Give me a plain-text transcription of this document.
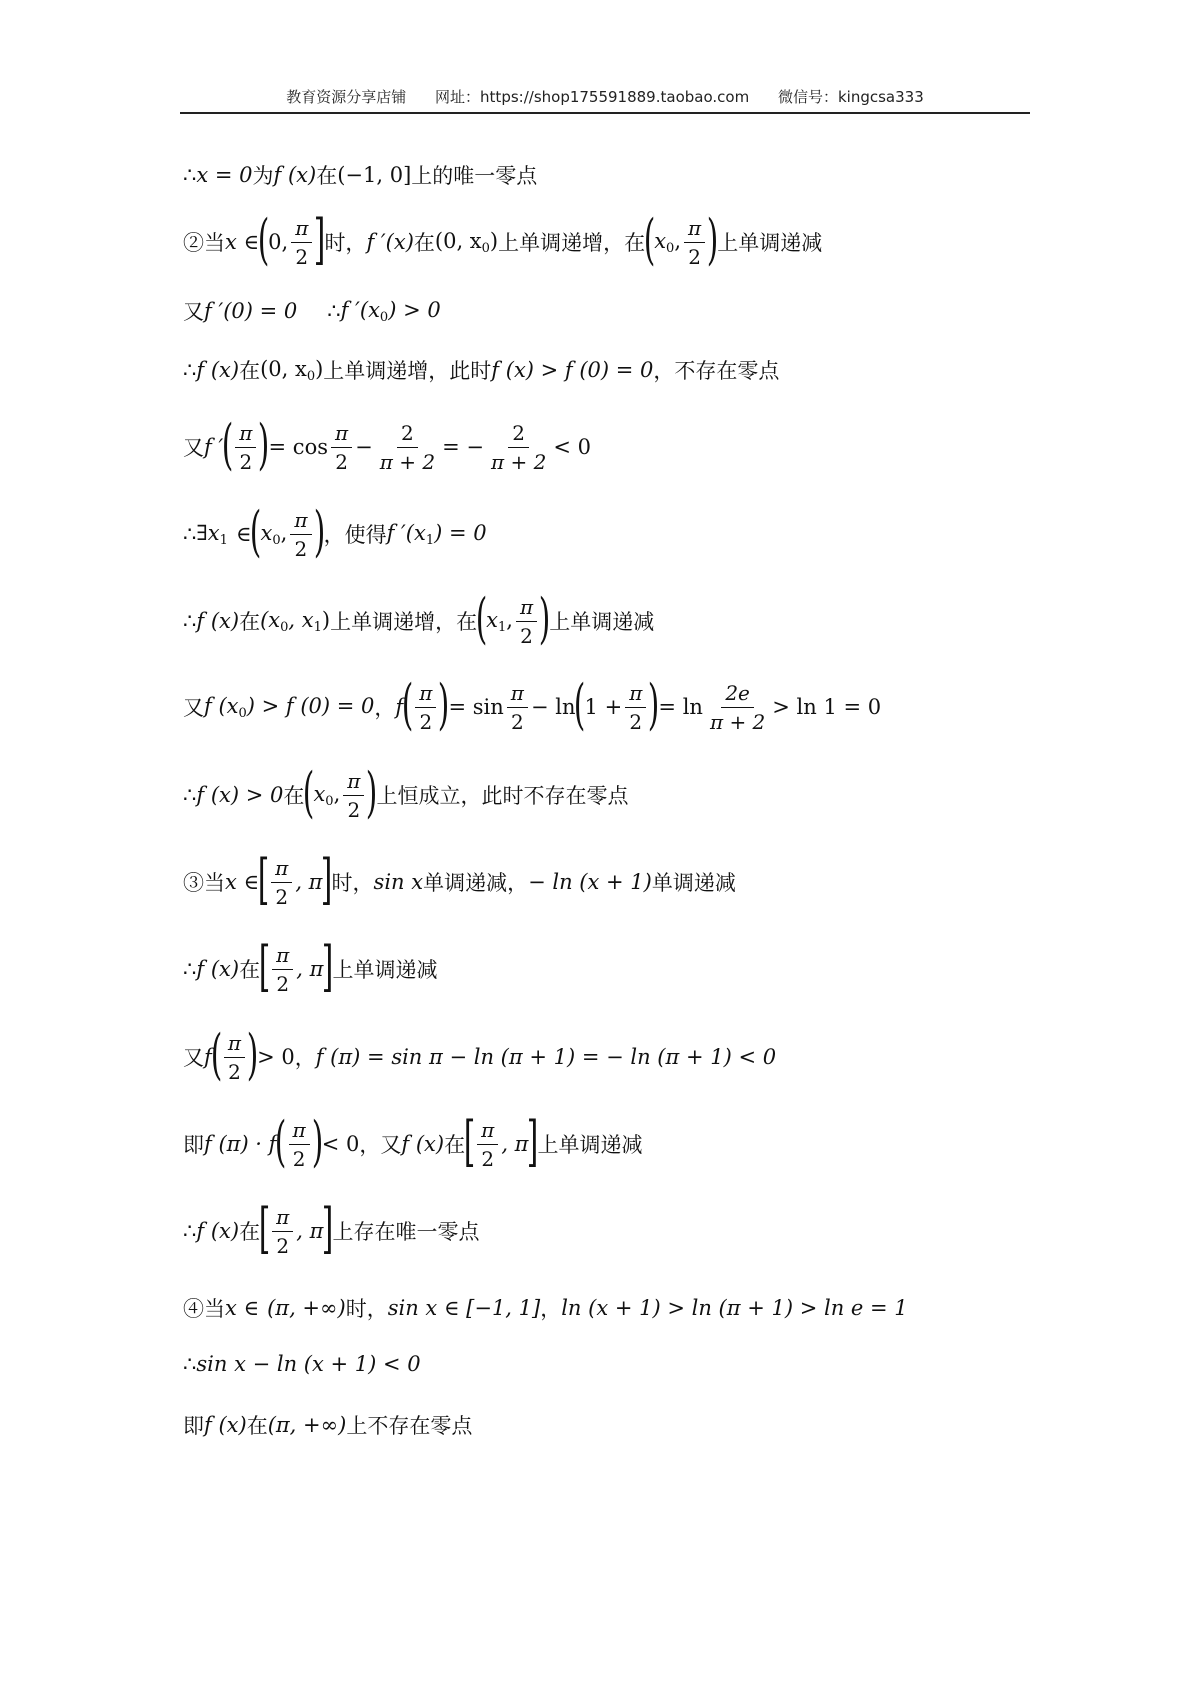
教育资源分享店铺 网址：https://shop175591889.taobao.com 微信号：kingcsa333
∴ x = 0 为 f (x) 在 (−1, 0] 上的唯一零点
②当 x ∈
(
0, $\frac{\pi}{2}$ ]
时， f ′(x) 在 (0, $x_0$) 上单调递增，在
(
$x_0$, $\frac{\pi}{2}$ )
上单调递减
又 f ′(0) = 0 ∴ f $'(x_0) > 0$
∴ f (x) 在 (0, $x_0$) 上单调递增，此时 f (x) > f (0) = 0 ，不存在零点
又 f ′
( $\frac{\pi}{2}$ )
= $\cos \frac{\pi}{2} - \frac{2}{\pi + 2}$ = − $\frac{2}{\pi + 2} < 0$
∴ $\exists x_1$ ∈
(
$x_0$, $\frac{\pi}{2}$ )
，使得 f $'(x_1) = 0$
∴ f (x) 在 ($x_0$, $x_1$) 上单调递增，在
(
$x_1$, $\frac{\pi}{2}$ )
上单调递减
又 f $(x_0) > f$ (0) = 0 ， f
( $\frac{\pi}{2}$ )
= $\sin \frac{\pi}{2} - \ln$
(
$1 + \frac{\pi}{2}$ )
= $\ln \frac{2e}{\pi + 2} > \ln 1 = 0$
∴ f (x) > 0 在
(
$x_0$, $\frac{\pi}{2}$ )
上恒成立，此时不存在零点
③当 x ∈
[ $\frac{\pi}{2}$ , π
]
时， sin x 单调递减， − ln (x + 1) 单调递减
∴ f (x) 在
[ $\frac{\pi}{2}$ , π
]
上单调递减
又 f
( $\frac{\pi}{2}$ )
> 0 ， f (π) = sin π − ln (π + 1) = − ln (π + 1) < 0
即 f (π) · f
( $\frac{\pi}{2}$ )
< 0 ，又 f (x) 在
[ $\frac{\pi}{2}$ , π
]
上单调递减
∴ f (x) 在
[ $\frac{\pi}{2}$ , π
]
上存在唯一零点
④当 x ∈ (π, +∞) 时， sin x ∈ [−1, 1] ， ln (x + 1) > ln (π + 1) > ln e = 1
∴ sin x − ln (x + 1) < 0
即 f (x) 在 (π, +∞) 上不存在零点
